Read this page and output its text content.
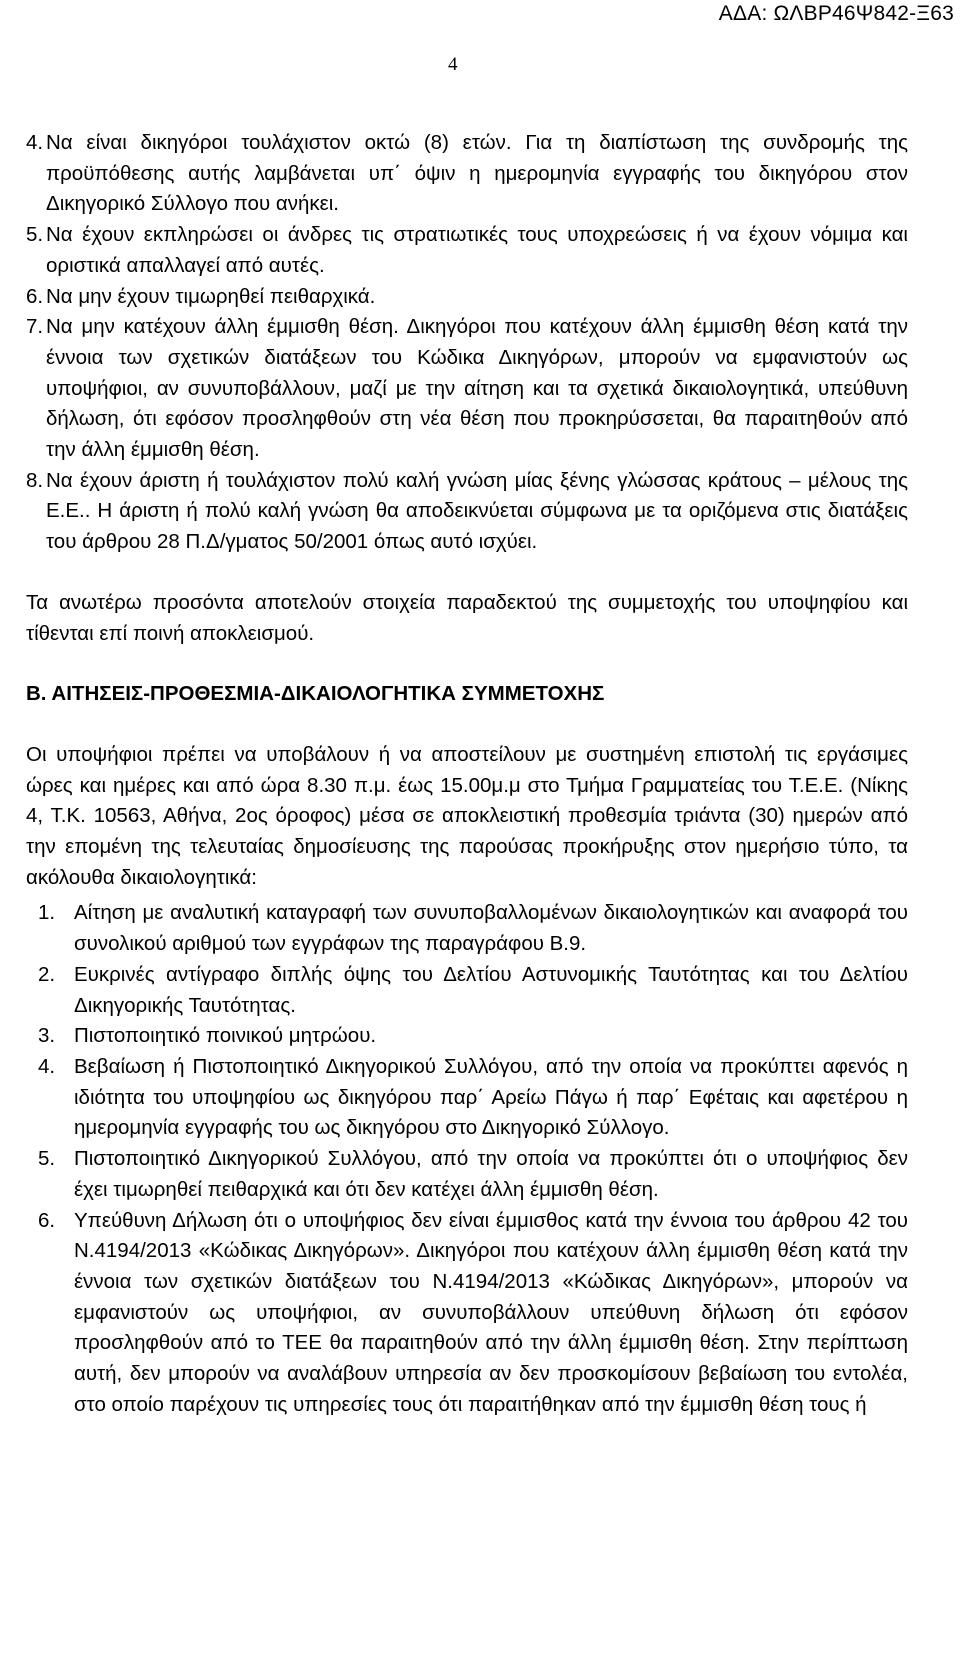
ΑΔΑ: ΩΛΒΡ46Ψ842-Ξ63
4
4. Να είναι δικηγόροι τουλάχιστον οκτώ (8) ετών. Για τη διαπίστωση της συνδρομής της προϋπόθεσης αυτής λαμβάνεται υπ΄ όψιν η ημερομηνία εγγραφής του δικηγόρου στον Δικηγορικό Σύλλογο που ανήκει.
5. Να έχουν εκπληρώσει οι άνδρες τις στρατιωτικές τους υποχρεώσεις ή να έχουν νόμιμα και οριστικά απαλλαγεί από αυτές.
6. Να μην έχουν τιμωρηθεί πειθαρχικά.
7. Να μην κατέχουν άλλη έμμισθη θέση. Δικηγόροι που κατέχουν άλλη έμμισθη θέση κατά την έννοια των σχετικών διατάξεων του Κώδικα Δικηγόρων, μπορούν να εμφανιστούν ως υποψήφιοι, αν συνυποβάλλουν, μαζί με την αίτηση και τα σχετικά δικαιολογητικά, υπεύθυνη δήλωση, ότι εφόσον προσληφθούν στη νέα θέση που προκηρύσσεται, θα παραιτηθούν από την άλλη έμμισθη θέση.
8. Να έχουν άριστη ή τουλάχιστον πολύ καλή γνώση μίας ξένης γλώσσας κράτους – μέλους της Ε.Ε.. Η άριστη ή πολύ καλή γνώση θα αποδεικνύεται σύμφωνα με τα οριζόμενα στις διατάξεις του άρθρου 28 Π.Δ/γματος 50/2001 όπως αυτό ισχύει.

Τα ανωτέρω προσόντα αποτελούν στοιχεία παραδεκτού της συμμετοχής του υποψηφίου και τίθενται επί ποινή αποκλεισμού.

Β. ΑΙΤΗΣΕΙΣ-ΠΡΟΘΕΣΜΙΑ-ΔΙΚΑΙΟΛΟΓΗΤΙΚΑ ΣΥΜΜΕΤΟΧΗΣ

Οι υποψήφιοι πρέπει να υποβάλουν ή να αποστείλουν με συστημένη επιστολή τις εργάσιμες ώρες και ημέρες και από ώρα 8.30 π.μ. έως 15.00μ.μ στο Τμήμα Γραμματείας του Τ.Ε.Ε. (Νίκης 4, Τ.Κ. 10563, Αθήνα, 2ος όροφος) μέσα σε αποκλειστική προθεσμία τριάντα (30) ημερών από την επομένη της τελευταίας δημοσίευσης της παρούσας προκήρυξης στον ημερήσιο τύπο, τα ακόλουθα δικαιολογητικά:

1. Αίτηση με αναλυτική καταγραφή των συνυποβαλλομένων δικαιολογητικών και αναφορά του συνολικού αριθμού των εγγράφων της παραγράφου Β.9.
2. Ευκρινές αντίγραφο διπλής όψης του Δελτίου Αστυνομικής Ταυτότητας και του Δελτίου Δικηγορικής Ταυτότητας.
3. Πιστοποιητικό ποινικού μητρώου.
4. Βεβαίωση ή Πιστοποιητικό Δικηγορικού Συλλόγου, από την οποία να προκύπτει αφενός η ιδιότητα του υποψηφίου ως δικηγόρου παρ΄ Αρείω Πάγω ή παρ΄ Εφέταις και αφετέρου η ημερομηνία εγγραφής του ως δικηγόρου στο Δικηγορικό Σύλλογο.
5. Πιστοποιητικό Δικηγορικού Συλλόγου, από την οποία να προκύπτει ότι ο υποψήφιος δεν έχει τιμωρηθεί πειθαρχικά και ότι δεν κατέχει άλλη έμμισθη θέση.
6. Υπεύθυνη Δήλωση ότι ο υποψήφιος δεν είναι έμμισθος κατά την έννοια του άρθρου 42 του Ν.4194/2013 «Κώδικας Δικηγόρων». Δικηγόροι που κατέχουν άλλη έμμισθη θέση κατά την έννοια των σχετικών διατάξεων του Ν.4194/2013 «Κώδικας Δικηγόρων», μπορούν να εμφανιστούν ως υποψήφιοι, αν συνυποβάλλουν υπεύθυνη δήλωση ότι εφόσον προσληφθούν από το ΤΕΕ θα παραιτηθούν από την άλλη έμμισθη θέση. Στην περίπτωση αυτή, δεν μπορούν να αναλάβουν υπηρεσία αν δεν προσκομίσουν βεβαίωση του εντολέα, στο οποίο παρέχουν τις υπηρεσίες τους ότι παραιτήθηκαν από την έμμισθη θέση τους ή
